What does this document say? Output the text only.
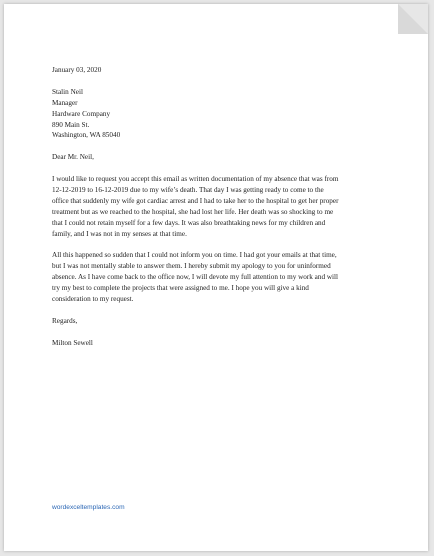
January 03, 2020
Stalin Neil
Manager
Hardware Company
890 Main St.
Washington, WA 85040
Dear Mr. Neil,
I would like to request you accept this email as written documentation of my absence that was from
12-12-2019 to 16-12-2019 due to my wife’s death. That day I was getting ready to come to the
office that suddenly my wife got cardiac arrest and I had to take her to the hospital to get her proper
treatment but as we reached to the hospital, she had lost her life. Her death was so shocking to me
that I could not retain myself for a few days. It was also breathtaking news for my children and
family, and I was not in my senses at that time.
All this happened so sudden that I could not inform you on time. I had got your emails at that time,
but I was not mentally stable to answer them. I hereby submit my apology to you for uninformed
absence. As I have come back to the office now, I will devote my full attention to my work and will
try my best to complete the projects that were assigned to me. I hope you will give a kind
consideration to my request.
Regards,
Milton Sewell
wordexceltemplates.com
